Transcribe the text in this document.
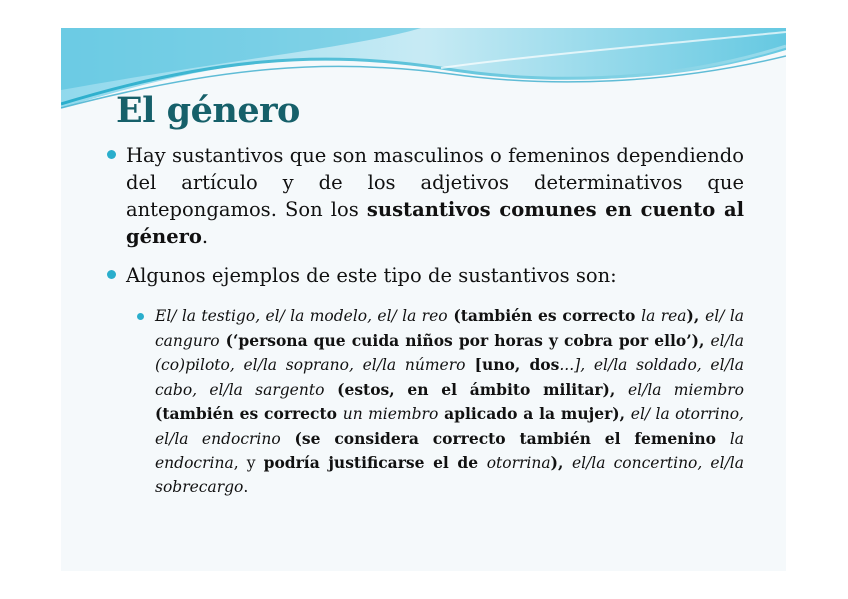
El género

Hay sustantivos que son masculinos o femeninos dependiendo del artículo y de los adjetivos determinativos que antepongamos. Son los sustantivos comunes en cuento al género.

Algunos ejemplos de este tipo de sustantivos son:

El/ la testigo, el/ la modelo, el/ la reo (también es correcto la rea), el/ la canguro (‘persona que cuida niños por horas y cobra por ello’), el/la (co)piloto, el/la soprano, el/la número [uno, dos...], el/la soldado, el/la cabo, el/la sargento (estos, en el ámbito militar), el/la miembro (también es correcto un miembro aplicado a la mujer), el/ la otorrino, el/la endocrino (se considera correcto también el femenino la endocrina, y podría justificarse el de otorrina), el/la concertino, el/la sobrecargo.
